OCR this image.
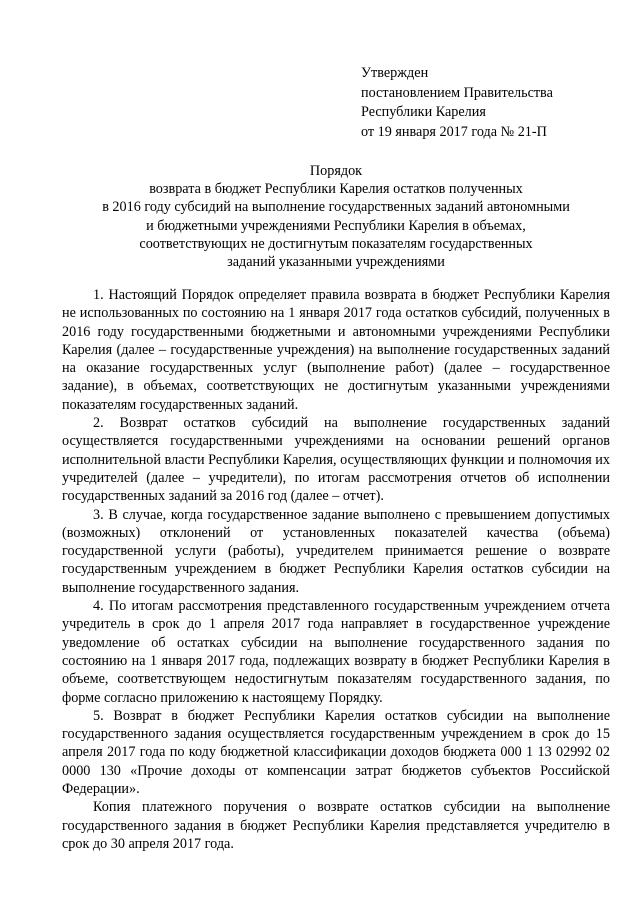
Утвержден
постановлением Правительства
Республики Карелия
от 19 января 2017 года № 21-П
Порядок
возврата в бюджет Республики Карелия остатков полученных
в 2016 году субсидий на выполнение государственных заданий автономными
и бюджетными учреждениями Республики Карелия в объемах,
соответствующих не достигнутым показателям государственных
заданий указанными учреждениями

1. Настоящий Порядок определяет правила возврата в бюджет Республики Карелия не использованных по состоянию на 1 января 2017 года остатков субсидий, полученных в 2016 году государственными бюджетными и автономными учреждениями Республики Карелия (далее – государственные учреждения) на выполнение государственных заданий на оказание государственных услуг (выполнение работ) (далее – государственное задание), в объемах, соответствующих не достигнутым указанными учреждениями показателям государственных заданий.

2. Возврат остатков субсидий на выполнение государственных заданий осуществляется государственными учреждениями на основании решений органов исполнительной власти Республики Карелия, осуществляющих функции и полномочия их учредителей (далее – учредители), по итогам рассмотрения отчетов об исполнении государственных заданий за 2016 год (далее – отчет).

3. В случае, когда государственное задание выполнено с превышением допустимых (возможных) отклонений от установленных показателей качества (объема) государственной услуги (работы), учредителем принимается решение о возврате государственным учреждением в бюджет Республики Карелия остатков субсидии на выполнение государственного задания.

4. По итогам рассмотрения представленного государственным учреждением отчета учредитель в срок до 1 апреля 2017 года направляет в государственное учреждение уведомление об остатках субсидии на выполнение государственного задания по состоянию на 1 января 2017 года, подлежащих возврату в бюджет Республики Карелия в объеме, соответствующем недостигнутым показателям государственного задания, по форме согласно приложению к настоящему Порядку.

5. Возврат в бюджет Республики Карелия остатков субсидии на выполнение государственного задания осуществляется государственным учреждением в срок до 15 апреля 2017 года по коду бюджетной классификации доходов бюджета 000 1 13 02992 02 0000 130 «Прочие доходы от компенсации затрат бюджетов субъектов Российской Федерации».

Копия платежного поручения о возврате остатков субсидии на выполнение государственного задания в бюджет Республики Карелия представляется учредителю в срок до 30 апреля 2017 года.
